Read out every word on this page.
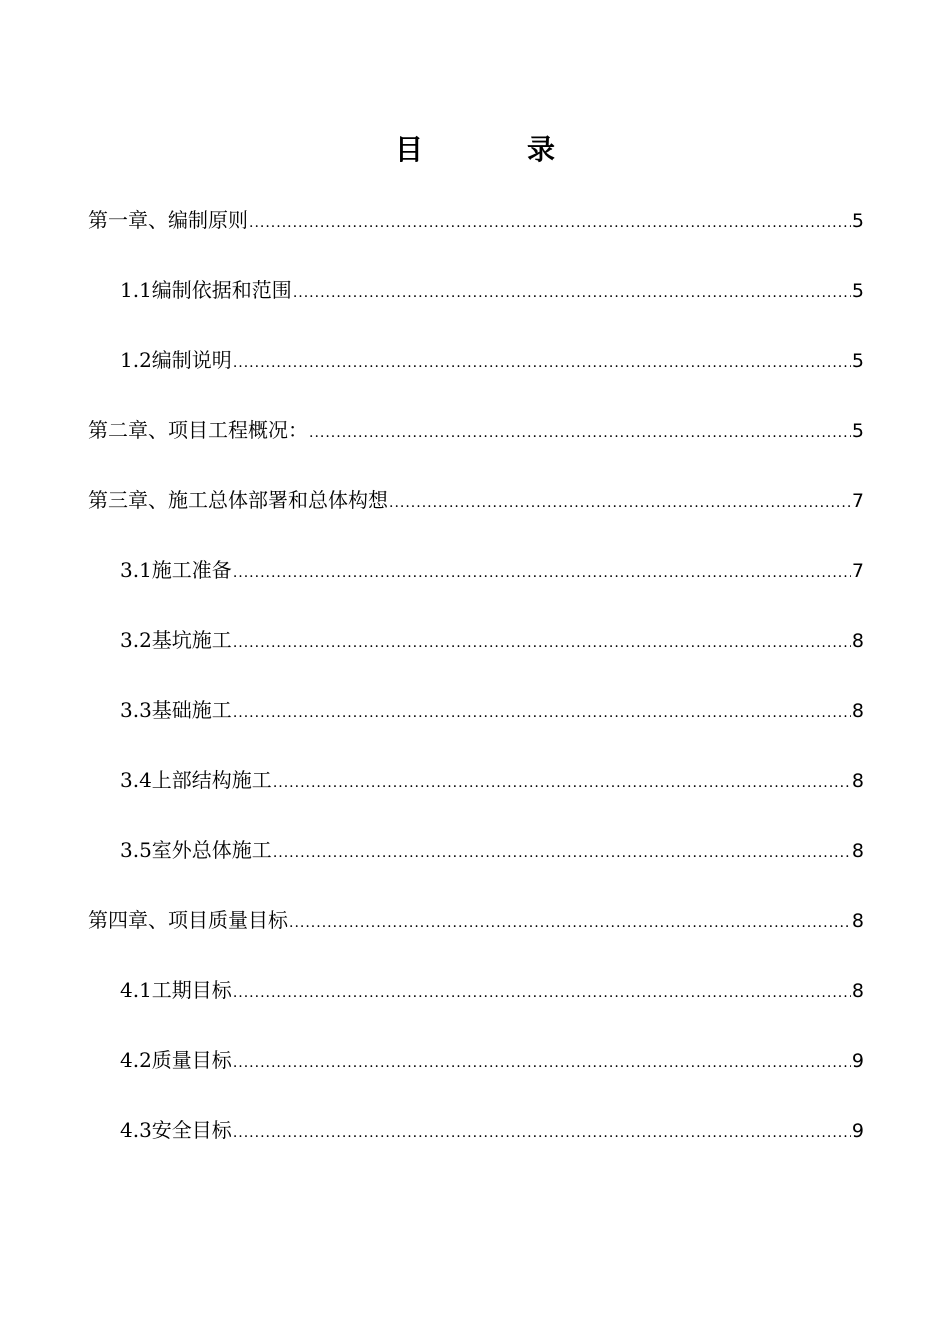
目　录
第一章、编制原则 .....	5
1.1编制依据和范围 .....	5
1.2编制说明 .....	5
第二章、项目工程概况： .....	5
第三章、施工总体部署和总体构想 .....	7
3.1施工准备 .....	7
3.2基坑施工 .....	8
3.3基础施工 .....	8
3.4上部结构施工 .....	8
3.5室外总体施工 .....	8
第四章、项目质量目标 .....	8
4.1工期目标 .....	8
4.2质量目标 .....	9
4.3安全目标 .....	9
